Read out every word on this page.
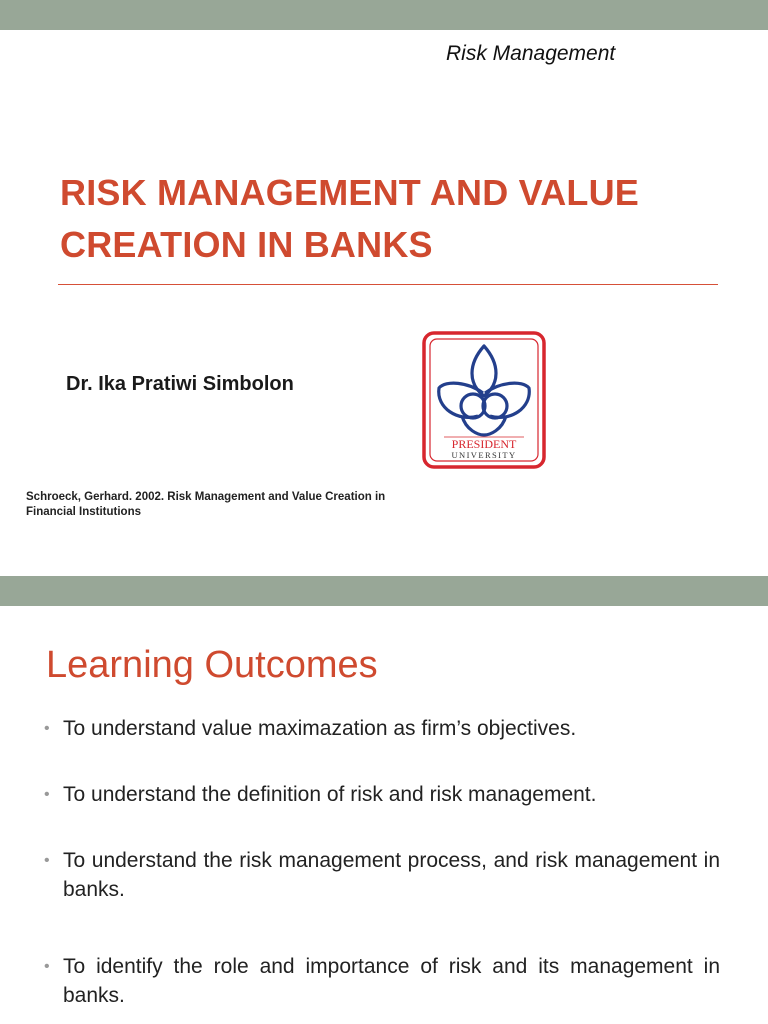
Risk Management
RISK MANAGEMENT AND VALUE CREATION IN BANKS
Dr. Ika Pratiwi Simbolon
PRESIDENT
UNIVERSITY
Schroeck, Gerhard. 2002. Risk Management and Value Creation in Financial Institutions
Learning Outcomes
• To understand value maximazation as firm’s objectives.
• To understand the definition of risk and risk management.
• To understand the risk management process, and risk management in banks.
• To identify the role and importance of risk and its management in banks.
